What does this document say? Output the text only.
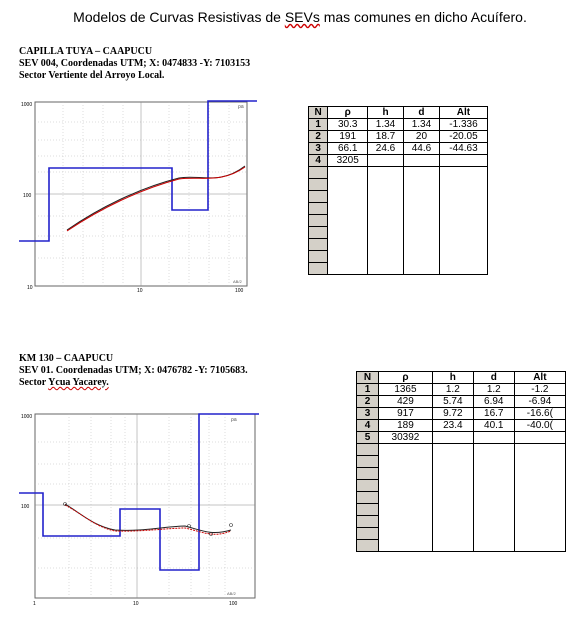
Modelos de Curvas Resistivas de SEVs mas comunes en dicho Acuífero.
CAPILLA TUYA – CAAPUCU
SEV 004, Coordenadas UTM; X: 0474833 -Y: 7103153
Sector Vertiente del Arroyo Local.
1000
100
10	10	100
AB/2
ρa	N	ρ	h	d	Alt
1	30.3	1.34	1.34	-1.336
2	191	18.7	20	-20.05
3	66.1	24.6	44.6	-44.63
4	3205			

KM 130 – CAAPUCU
SEV 01. Coordenadas UTM; X: 0476782 -Y: 7105683.
Sector Ycua Yacarey.
1000
100
1	10	100
AB/2
ρa
N	ρ	h	d	Alt
1	1365	1.2	1.2	-1.2
2	429	5.74	6.94	-6.94
3	917	9.72	16.7	-16.6(
4	189	23.4	40.1	-40.0(
5	30392			
